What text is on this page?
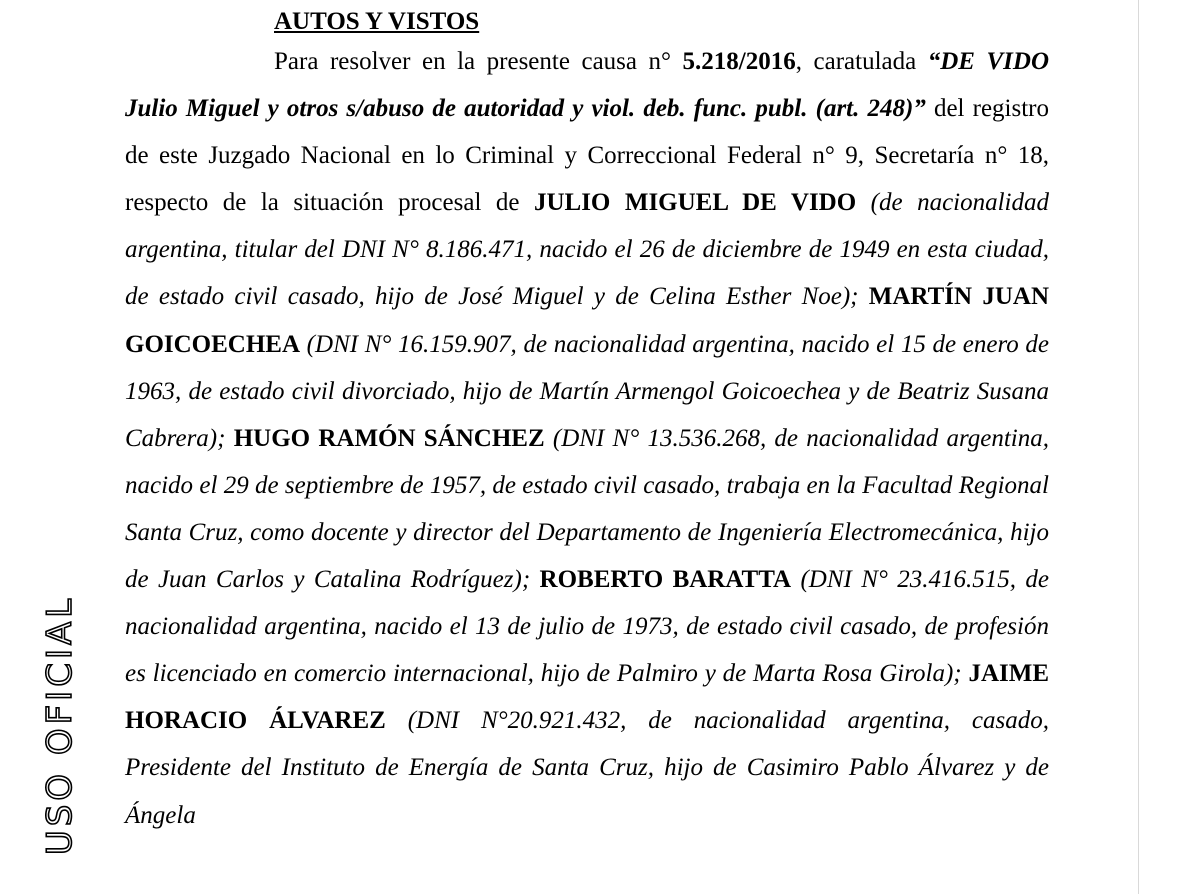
USO OFICIAL
AUTOS Y VISTOS

Para resolver en la presente causa n° 5.218/2016, caratulada “DE VIDO Julio Miguel y otros s/abuso de autoridad y viol. deb. func. publ. (art. 248)” del registro de este Juzgado Nacional en lo Criminal y Correccional Federal n° 9, Secretaría n° 18, respecto de la situación procesal de JULIO MIGUEL DE VIDO (de nacionalidad argentina, titular del DNI N° 8.186.471, nacido el 26 de diciembre de 1949 en esta ciudad, de estado civil casado, hijo de José Miguel y de Celina Esther Noe); MARTÍN JUAN GOICOECHEA (DNI N° 16.159.907, de nacionalidad argentina, nacido el 15 de enero de 1963, de estado civil divorciado, hijo de Martín Armengol Goicoechea y de Beatriz Susana Cabrera); HUGO RAMÓN SÁNCHEZ (DNI N° 13.536.268, de nacionalidad argentina, nacido el 29 de septiembre de 1957, de estado civil casado, trabaja en la Facultad Regional Santa Cruz, como docente y director del Departamento de Ingeniería Electromecánica, hijo de Juan Carlos y Catalina Rodríguez); ROBERTO BARATTA (DNI N° 23.416.515, de nacionalidad argentina, nacido el 13 de julio de 1973, de estado civil casado, de profesión es licenciado en comercio internacional, hijo de Palmiro y de Marta Rosa Girola); JAIME HORACIO ÁLVAREZ (DNI N°20.921.432, de nacionalidad argentina, casado, Presidente del Instituto de Energía de Santa Cruz, hijo de Casimiro Pablo Álvarez y de Ángela
